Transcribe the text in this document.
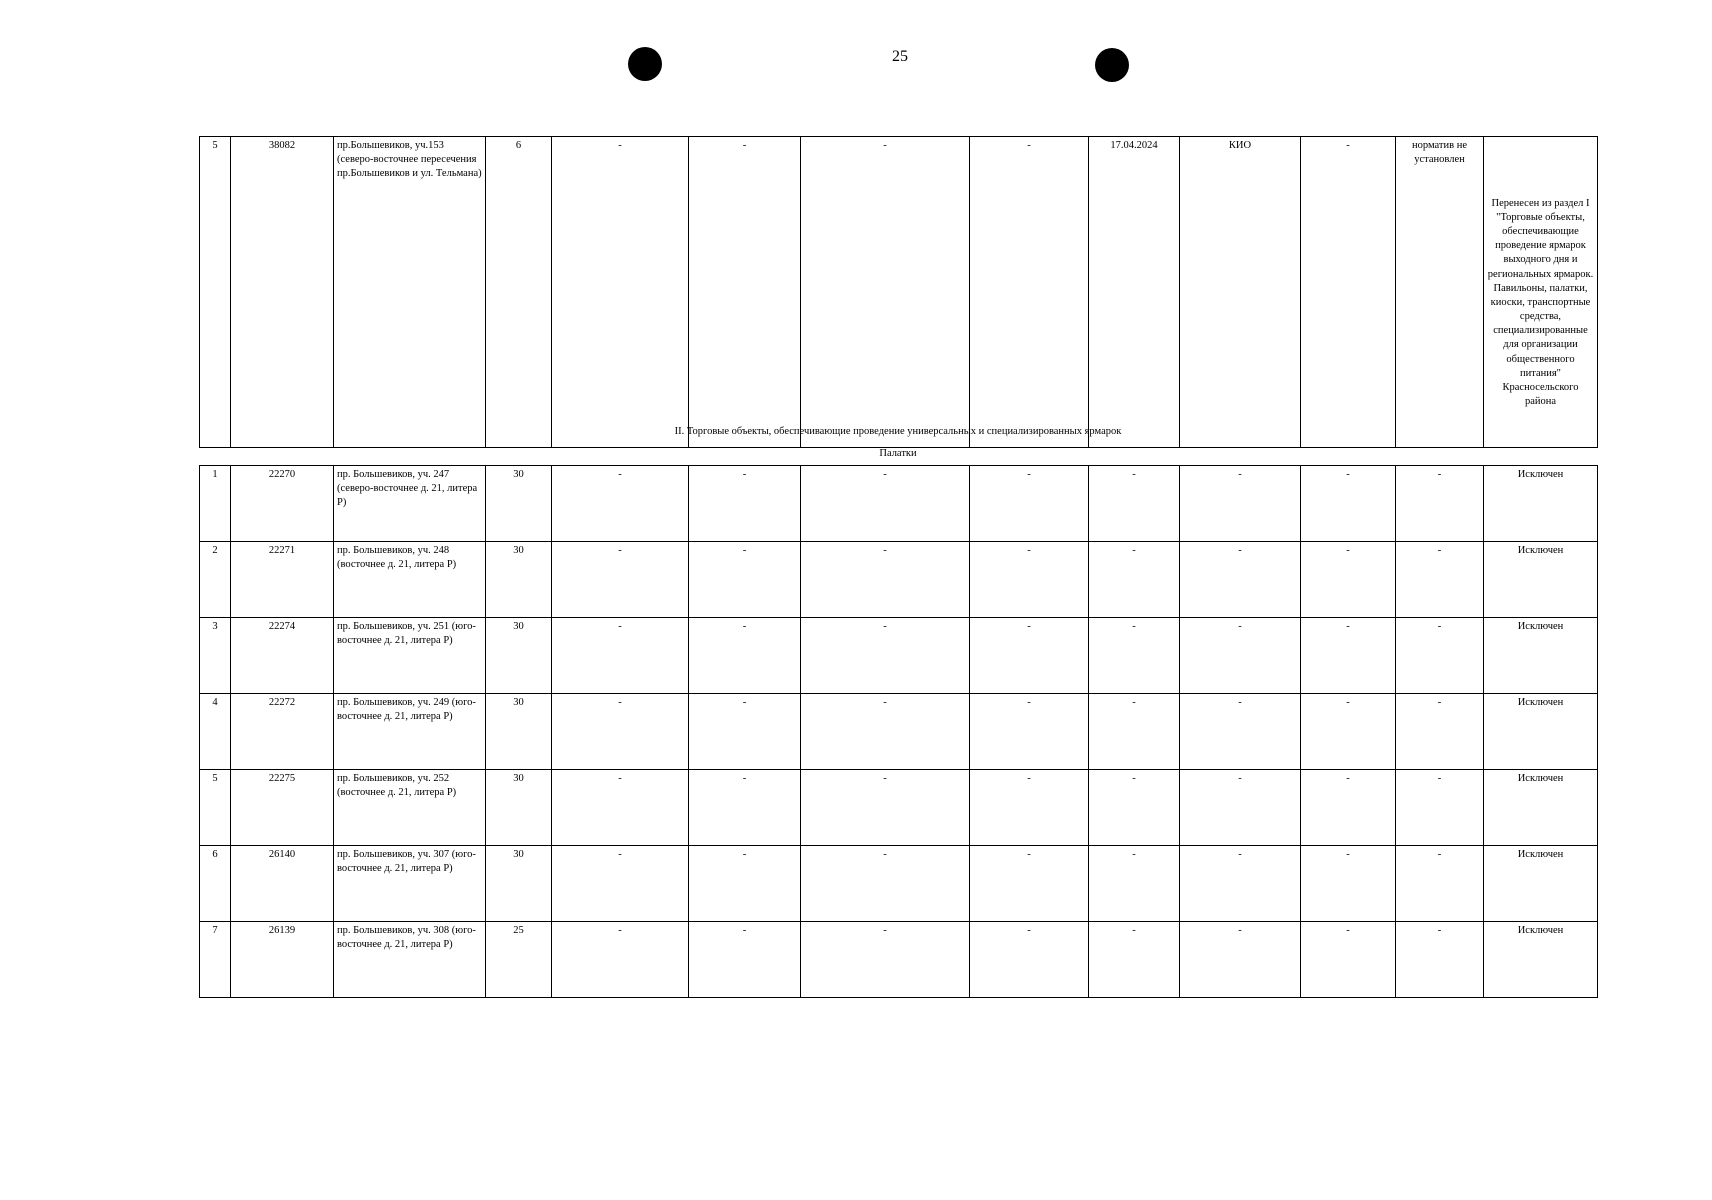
25
5	38082	пр.Большевиков, уч.153 (северо-восточнее пересечения пр.Большевиков и ул. Тельмана)	6	-	-	-	-	17.04.2024	КИО	-	норматив не установлен	Перенесен из раздел I "Торговые объекты, обеспечивающие проведение ярмарок выходного дня и региональных ярмарок. Павильоны, палатки, киоски, транспортные средства, специализированные для организации общественного питания" Красносельского района
II. Торговые объекты, обеспечивающие проведение универсальных и специализированных ярмарок
Палатки
1	22270	пр. Большевиков, уч. 247 (северо-восточнее д. 21, литера Р)	30	-	-	-	-	-	-	-	-	Исключен
2	22271	пр. Большевиков, уч. 248 (восточнее д. 21, литера Р)	30	-	-	-	-	-	-	-	-	Исключен
3	22274	пр. Большевиков, уч. 251 (юго-восточнее д. 21, литера Р)	30	-	-	-	-	-	-	-	-	Исключен
4	22272	пр. Большевиков, уч. 249 (юго-восточнее д. 21, литера Р)	30	-	-	-	-	-	-	-	-	Исключен
5	22275	пр. Большевиков, уч. 252 (восточнее д. 21, литера Р)	30	-	-	-	-	-	-	-	-	Исключен
6	26140	пр. Большевиков, уч. 307 (юго-восточнее д. 21, литера Р)	30	-	-	-	-	-	-	-	-	Исключен
7	26139	пр. Большевиков, уч. 308 (юго-восточнее д. 21, литера Р)	25	-	-	-	-	-	-	-	-	Исключен
